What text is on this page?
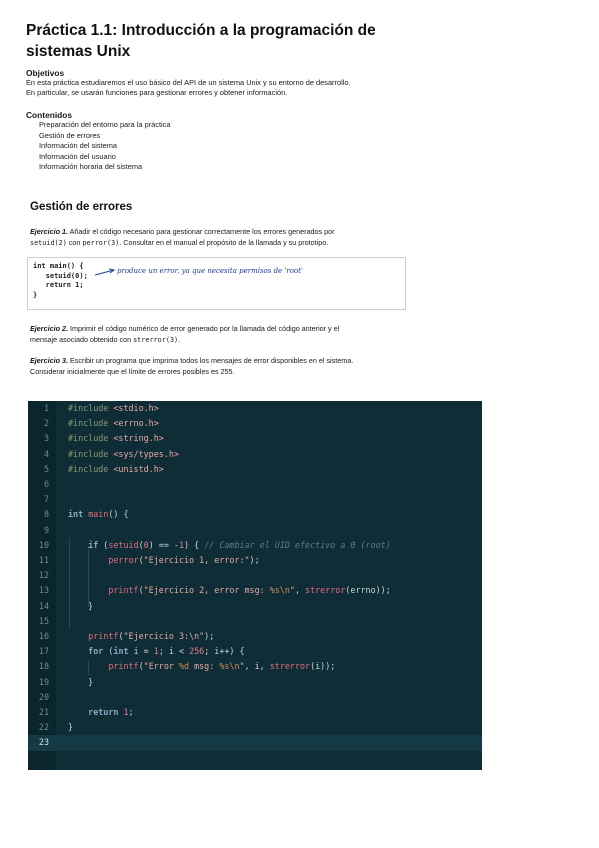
Práctica 1.1: Introducción a la programación de sistemas Unix

Objetivos

En esta práctica estudiaremos el uso básico del API de un sistema Unix y su entorno de desarrollo.

En particular, se usarán funciones para gestionar errores y obtener información.

Contenidos

Preparación del entorno para la práctica
Gestión de errores
Información del sistema
Información del usuario
Información horaria del sistema
Gestión de errores

Ejercicio 1. Añadir el código necesario para gestionar correctamente los errores generados por
setuid(2) con perror(3). Consultar en el manual el propósito de la llamada y su prototipo.

int main() {
setuid(0);
return 1;
}
produce un error, ya que necesita permisos de 'root'

Ejercicio 2. Imprimir el código numérico de error generado por la llamada del código anterior y el
mensaje asociado obtenido con strerror(3).

Ejercicio 3. Escribir un programa que imprima todos los mensajes de error disponibles en el sistema.
Considerar inicialmente que el límite de errores posibles es 255.

1 #include <stdio.h>
2 #include <errno.h>
3 #include <string.h>
4 #include <sys/types.h>
5 #include <unistd.h>
6
7
8 int main() {
9
10	if (setuid(0) == -1) { // Cambiar el UID efectivo a 0 (root)
11	perror("Ejercicio 1, error:");
12
13	printf("Ejercicio 2, error msg: %s\n", strerror(errno));
14 }
15
16	printf("Ejercicio 3:\n");
17	for (int i = 1; i < 256; i++) {
18	printf("Error %d msg: %s\n", i, strerror(i));
19 }
20
21	return 1;
22 }
23
